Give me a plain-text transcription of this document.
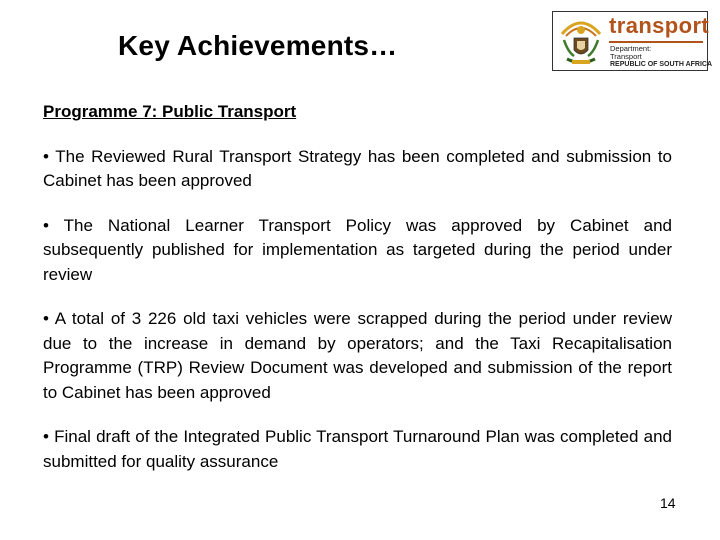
Key Achievements…
transport
Department:
Transport
REPUBLIC OF SOUTH AFRICA
Programme 7: Public Transport
• The Reviewed Rural Transport Strategy has been completed and submission to Cabinet has been approved
• The National Learner Transport Policy was approved by Cabinet and subsequently published for implementation as targeted during the period under review
• A total of 3 226 old taxi vehicles were scrapped during the period under review due to the increase in demand by operators; and the Taxi Recapitalisation Programme (TRP) Review Document was developed and submission of the report to Cabinet has been approved
• Final draft of the Integrated Public Transport Turnaround Plan was completed and submitted for quality assurance
14
